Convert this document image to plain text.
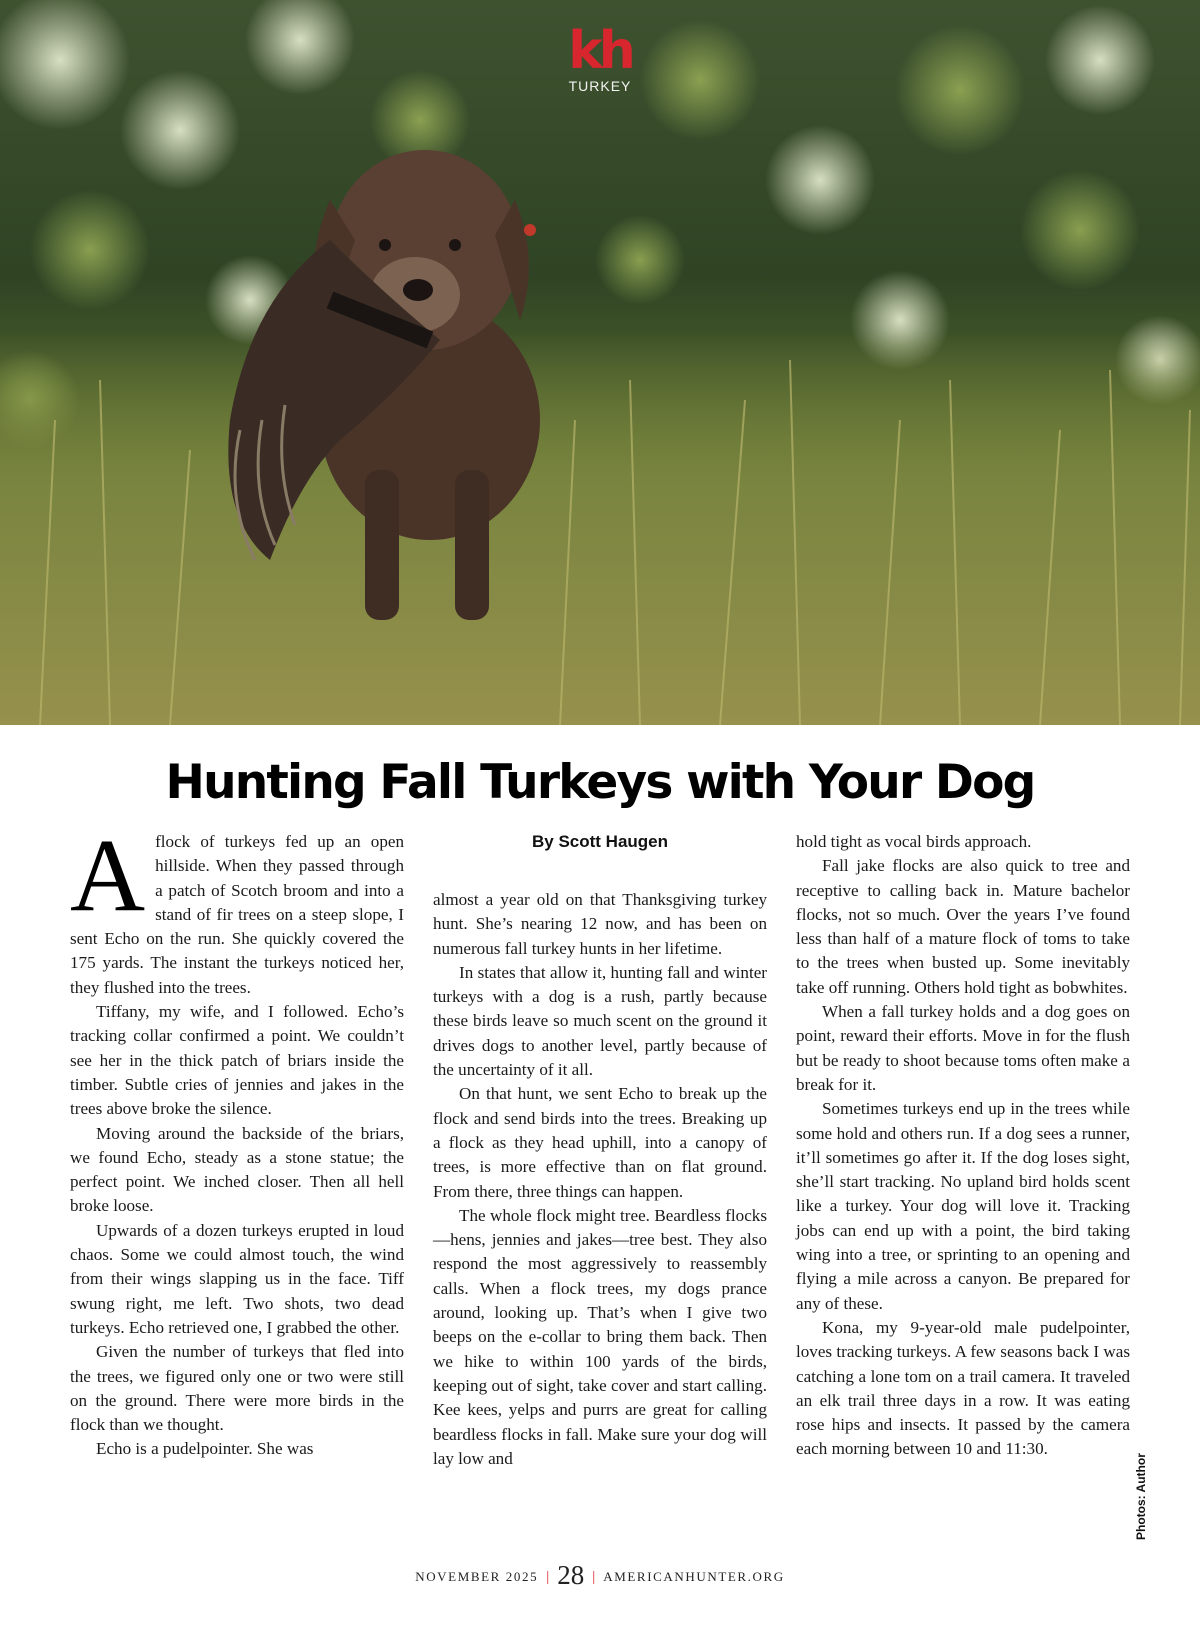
kh
TURKEY
Hunting Fall Turkeys with Your Dog

Aflock of turkeys fed up an open hillside. When they passed through a patch of Scotch broom and into a stand of fir trees on a steep slope, I sent Echo on the run. She quickly covered the 175 yards. The instant the turkeys noticed her, they flushed into the trees.

Tiffany, my wife, and I followed. Echo’s tracking collar confirmed a point. We couldn’t see her in the thick patch of briars inside the timber. Subtle cries of jennies and jakes in the trees above broke the silence.

Moving around the backside of the briars, we found Echo, steady as a stone statue; the perfect point. We inched closer. Then all hell broke loose.

Upwards of a dozen turkeys erupted in loud chaos. Some we could almost touch, the wind from their wings slapping us in the face. Tiff swung right, me left. Two shots, two dead turkeys. Echo retrieved one, I grabbed the other.

Given the number of turkeys that fled into the trees, we figured only one or two were still on the ground. There were more birds in the flock than we thought.

Echo is a pudelpointer. She was

By Scott Haugen

almost a year old on that Thanksgiving turkey hunt. She’s nearing 12 now, and has been on numerous fall turkey hunts in her lifetime.

In states that allow it, hunting fall and winter turkeys with a dog is a rush, partly because these birds leave so much scent on the ground it drives dogs to another level, partly because of the uncertainty of it all.

On that hunt, we sent Echo to break up the flock and send birds into the trees. Breaking up a flock as they head uphill, into a canopy of trees, is more effective than on flat ground. From there, three things can happen.

The whole flock might tree. Beardless flocks—hens, jennies and jakes—tree best. They also respond the most aggressively to reassembly calls. When a flock trees, my dogs prance around, looking up. That’s when I give two beeps on the e-collar to bring them back. Then we hike to within 100 yards of the birds, keeping out of sight, take cover and start calling. Kee kees, yelps and purrs are great for calling beardless flocks in fall. Make sure your dog will lay low and

hold tight as vocal birds approach.

Fall jake flocks are also quick to tree and receptive to calling back in. Mature bachelor flocks, not so much. Over the years I’ve found less than half of a mature flock of toms to take to the trees when busted up. Some inevitably take off running. Others hold tight as bobwhites.

When a fall turkey holds and a dog goes on point, reward their efforts. Move in for the flush but be ready to shoot because toms often make a break for it.

Sometimes turkeys end up in the trees while some hold and others run. If a dog sees a runner, it’ll sometimes go after it. If the dog loses sight, she’ll start tracking. No upland bird holds scent like a turkey. Your dog will love it. Tracking jobs can end up with a point, the bird taking wing into a tree, or sprinting to an opening and flying a mile across a canyon. Be prepared for any of these.

Kona, my 9-year-old male pudelpointer, loves tracking turkeys. A few seasons back I was catching a lone tom on a trail camera. It traveled an elk trail three days in a row. It was eating rose hips and insects. It passed by the camera each morning between 10 and 11:30.

Photos: Author
NOVEMBER 2025 | 28 | AMERICANHUNTER.ORG
